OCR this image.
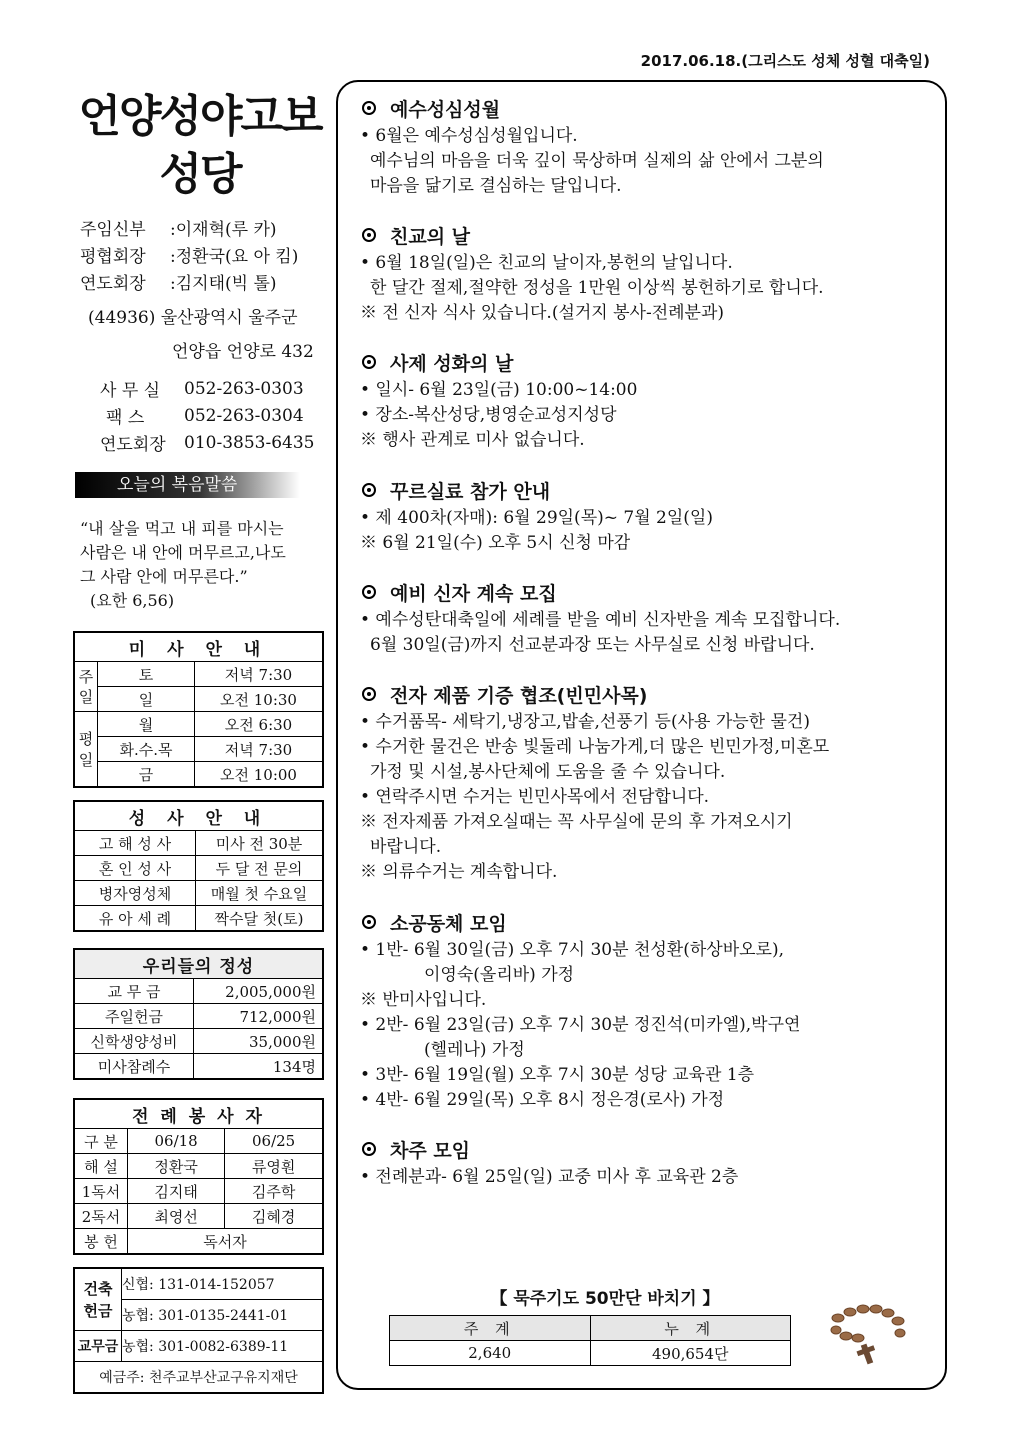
2017.06.18.(그리스도 성체 성혈 대축일)
언양성야고보
성당
주임신부	:이재혁(루 카)
평협회장	:정환국(요 아 킴)
연도회장	:김지태(빅 톨)
(44936) 울산광역시 울주군
언양읍 언양로 432
사 무 실	052-263-0303
팩 스	052-263-0304
연도회장	010-3853-6435
오늘의 복음말씀
“내 살을 먹고 내 피를 마시는
사람은 내 안에 머무르고,나도
그 사람 안에 머무른다.”
(요한 6,56)
미 사 안 내		
주일	토	저녁 7:30
	일	오전 10:30
평일	월	오전 6:30
	화.수.목	저녁 7:30
	금	오전 10:00
성 사 안 내	
고 해 성 사	미사 전 30분
혼 인 성 사	두 달 전 문의
병자영성체	매월 첫 수요일
유 아 세 례	짝수달 첫(토)
우리들의 정성	
교 무 금	2,005,000원
주일헌금	712,000원
신학생양성비	35,000원
미사참례수	134명
전 례 봉 사 자		
구 분	06/18	06/25
해 설	정환국	류영훤
1독서	김지태	김주학
2독서	최영선	김혜경
봉 헌	독서자	
건축
헌금	신협: 131-014-152057
	농협: 301-0135-2441-01
교무금	농협: 301-0082-6389-11
예금주: 천주교부산교구유지재단	
예수성심성월
• 6월은 예수성심성월입니다.
예수님의 마음을 더욱 깊이 묵상하며 실제의 삶 안에서 그분의
마음을 닮기로 결심하는 달입니다.
친교의 날
• 6월 18일(일)은 친교의 날이자,봉헌의 날입니다.
한 달간 절제,절약한 정성을 1만원 이상씩 봉헌하기로 합니다.
※ 전 신자 식사 있습니다.(설거지 봉사-전례분과)
사제 성화의 날
• 일시- 6월 23일(금) 10:00~14:00
• 장소-복산성당,병영순교성지성당
※ 행사 관계로 미사 없습니다.
꾸르실료 참가 안내
• 제 400차(자매): 6월 29일(목)~ 7월 2일(일)
※ 6월 21일(수) 오후 5시 신청 마감
예비 신자 계속 모집
• 예수성탄대축일에 세례를 받을 예비 신자반을 계속 모집합니다.
6월 30일(금)까지 선교분과장 또는 사무실로 신청 바랍니다.
전자 제품 기증 협조(빈민사목)
• 수거품목- 세탁기,냉장고,밥솥,선풍기 등(사용 가능한 물건)
• 수거한 물건은 반송 빛둘레 나눔가게,더 많은 빈민가정,미혼모
가정 및 시설,봉사단체에 도움을 줄 수 있습니다.
• 연락주시면 수거는 빈민사목에서 전담합니다.
※ 전자제품 가져오실때는 꼭 사무실에 문의 후 가져오시기
바랍니다.
※ 의류수거는 계속합니다.
소공동체 모임
• 1반- 6월 30일(금) 오후 7시 30분 천성환(하상바오로),
이영숙(올리바) 가정
※ 반미사입니다.
• 2반- 6월 23일(금) 오후 7시 30분 정진석(미카엘),박구연
(헬레나) 가정
• 3반- 6월 19일(월) 오후 7시 30분 성당 교육관 1층
• 4반- 6월 29일(목) 오후 8시 정은경(로사) 가정
차주 모임
• 전례분과- 6월 25일(일) 교중 미사 후 교육관 2층
【 묵주기도 50만단 바치기 】
주 계	누 계
2,640	490,654단
